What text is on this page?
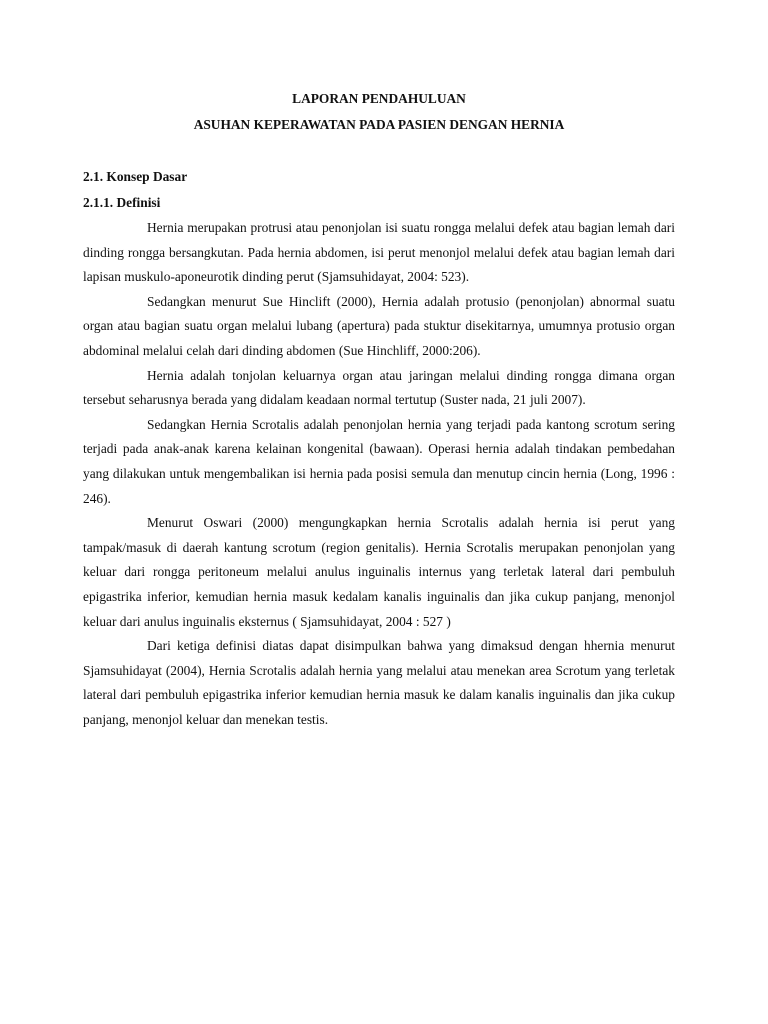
LAPORAN PENDAHULUAN

ASUHAN KEPERAWATAN PADA PASIEN DENGAN HERNIA

2.1. Konsep Dasar

2.1.1. Definisi

Hernia merupakan protrusi atau penonjolan isi suatu rongga melalui defek atau bagian lemah dari dinding rongga bersangkutan. Pada hernia abdomen, isi perut menonjol melalui defek atau bagian lemah dari lapisan muskulo-aponeurotik dinding perut (Sjamsuhidayat, 2004: 523).

Sedangkan menurut Sue Hinclift (2000), Hernia adalah protusio (penonjolan) abnormal suatu organ atau bagian suatu organ melalui lubang (apertura) pada stuktur disekitarnya, umumnya protusio organ abdominal melalui celah dari dinding abdomen (Sue Hinchliff, 2000:206).

Hernia adalah tonjolan keluarnya organ atau jaringan melalui dinding rongga dimana organ tersebut seharusnya berada yang didalam keadaan normal tertutup (Suster nada, 21 juli 2007).

Sedangkan Hernia Scrotalis adalah penonjolan hernia yang terjadi pada kantong scrotum sering terjadi pada anak-anak karena kelainan kongenital (bawaan). Operasi hernia adalah tindakan pembedahan yang dilakukan untuk mengembalikan isi hernia pada posisi semula dan menutup cincin hernia (Long, 1996 : 246).

Menurut Oswari (2000) mengungkapkan hernia Scrotalis adalah hernia isi perut yang tampak/masuk di daerah kantung scrotum (region genitalis). Hernia Scrotalis merupakan penonjolan yang keluar dari rongga peritoneum melalui anulus inguinalis internus yang terletak lateral dari pembuluh epigastrika inferior, kemudian hernia masuk kedalam kanalis inguinalis dan jika cukup panjang, menonjol keluar dari anulus inguinalis eksternus ( Sjamsuhidayat, 2004 : 527 )

Dari ketiga definisi diatas dapat disimpulkan bahwa yang dimaksud dengan hhernia menurut Sjamsuhidayat (2004), Hernia Scrotalis adalah hernia yang melalui atau menekan area Scrotum yang terletak lateral dari pembuluh epigastrika inferior kemudian hernia masuk ke dalam kanalis inguinalis dan jika cukup panjang, menonjol keluar dan menekan testis.
